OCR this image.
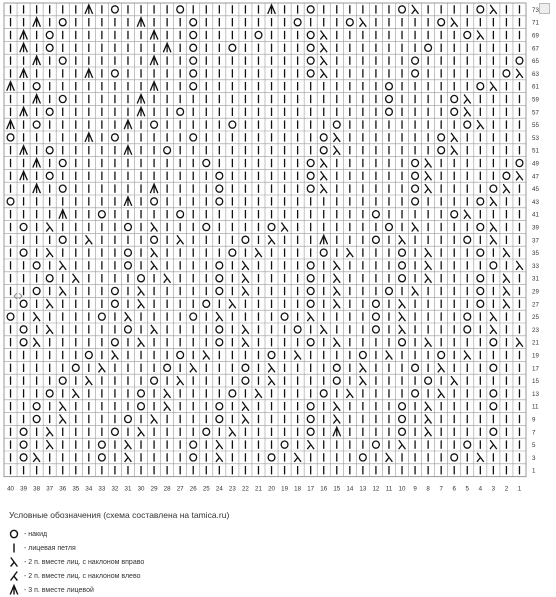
73
71
69
67
65
63
61
59
57
55
53
51
49
47
45
43
41
39
37
35
33
31
29
27
25
23
21
19
17
15
13
11
9
7
5
3
1
40 39 38 37 36 35 34 33 32 31 30 29 28 27 26 25 24 23 22 21 20 19 18 17 16 15 14 13 12 11 10 9 8 7 6 5 4 3 2 1
‹›
Условные обозначения (схема составлена на tamica.ru)
- накид
- лицевая петля
- 2 п. вместе лиц. с наклоном вправо
- 2 п. вместе лиц. с наклоном влево
- 3 п. вместе лицевой
